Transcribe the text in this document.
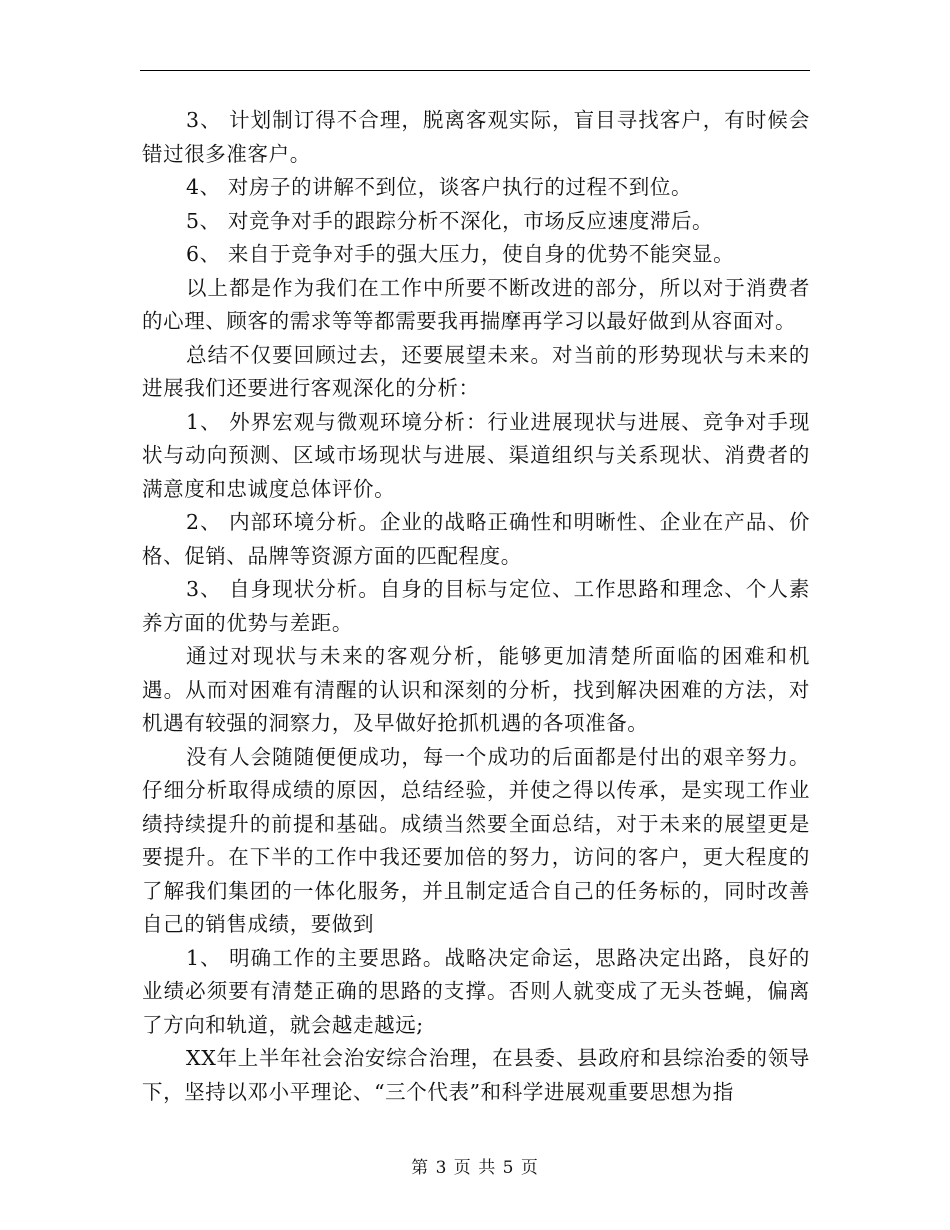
3、 计划制订得不合理，脱离客观实际，盲目寻找客户，有时候会错过很多准客户。

4、 对房子的讲解不到位，谈客户执行的过程不到位。

5、 对竞争对手的跟踪分析不深化，市场反应速度滞后。

6、 来自于竞争对手的强大压力，使自身的优势不能突显。

以上都是作为我们在工作中所要不断改进的部分，所以对于消费者的心理、顾客的需求等等都需要我再揣摩再学习以最好做到从容面对。

总结不仅要回顾过去，还要展望未来。对当前的形势现状与未来的进展我们还要进行客观深化的分析：

1、 外界宏观与微观环境分析：行业进展现状与进展、竞争对手现状与动向预测、区域市场现状与进展、渠道组织与关系现状、消费者的满意度和忠诚度总体评价。

2、 内部环境分析。企业的战略正确性和明晰性、企业在产品、价格、促销、品牌等资源方面的匹配程度。

3、 自身现状分析。自身的目标与定位、工作思路和理念、个人素养方面的优势与差距。

通过对现状与未来的客观分析，能够更加清楚所面临的困难和机遇。从而对困难有清醒的认识和深刻的分析，找到解决困难的方法，对机遇有较强的洞察力，及早做好抢抓机遇的各项准备。

没有人会随随便便成功，每一个成功的后面都是付出的艰辛努力。仔细分析取得成绩的原因，总结经验，并使之得以传承，是实现工作业绩持续提升的前提和基础。成绩当然要全面总结，对于未来的展望更是要提升。在下半的工作中我还要加倍的努力，访问的客户，更大程度的了解我们集团的一体化服务，并且制定适合自己的任务标的，同时改善自己的销售成绩，要做到

1、 明确工作的主要思路。战略决定命运，思路决定出路，良好的业绩必须要有清楚正确的思路的支撑。否则人就变成了无头苍蝇，偏离了方向和轨道，就会越走越远;

XX年上半年社会治安综合治理，在县委、县政府和县综治委的领导下，坚持以邓小平理论、“三个代表”和科学进展观重要思想为指

第 3 页 共 5 页
